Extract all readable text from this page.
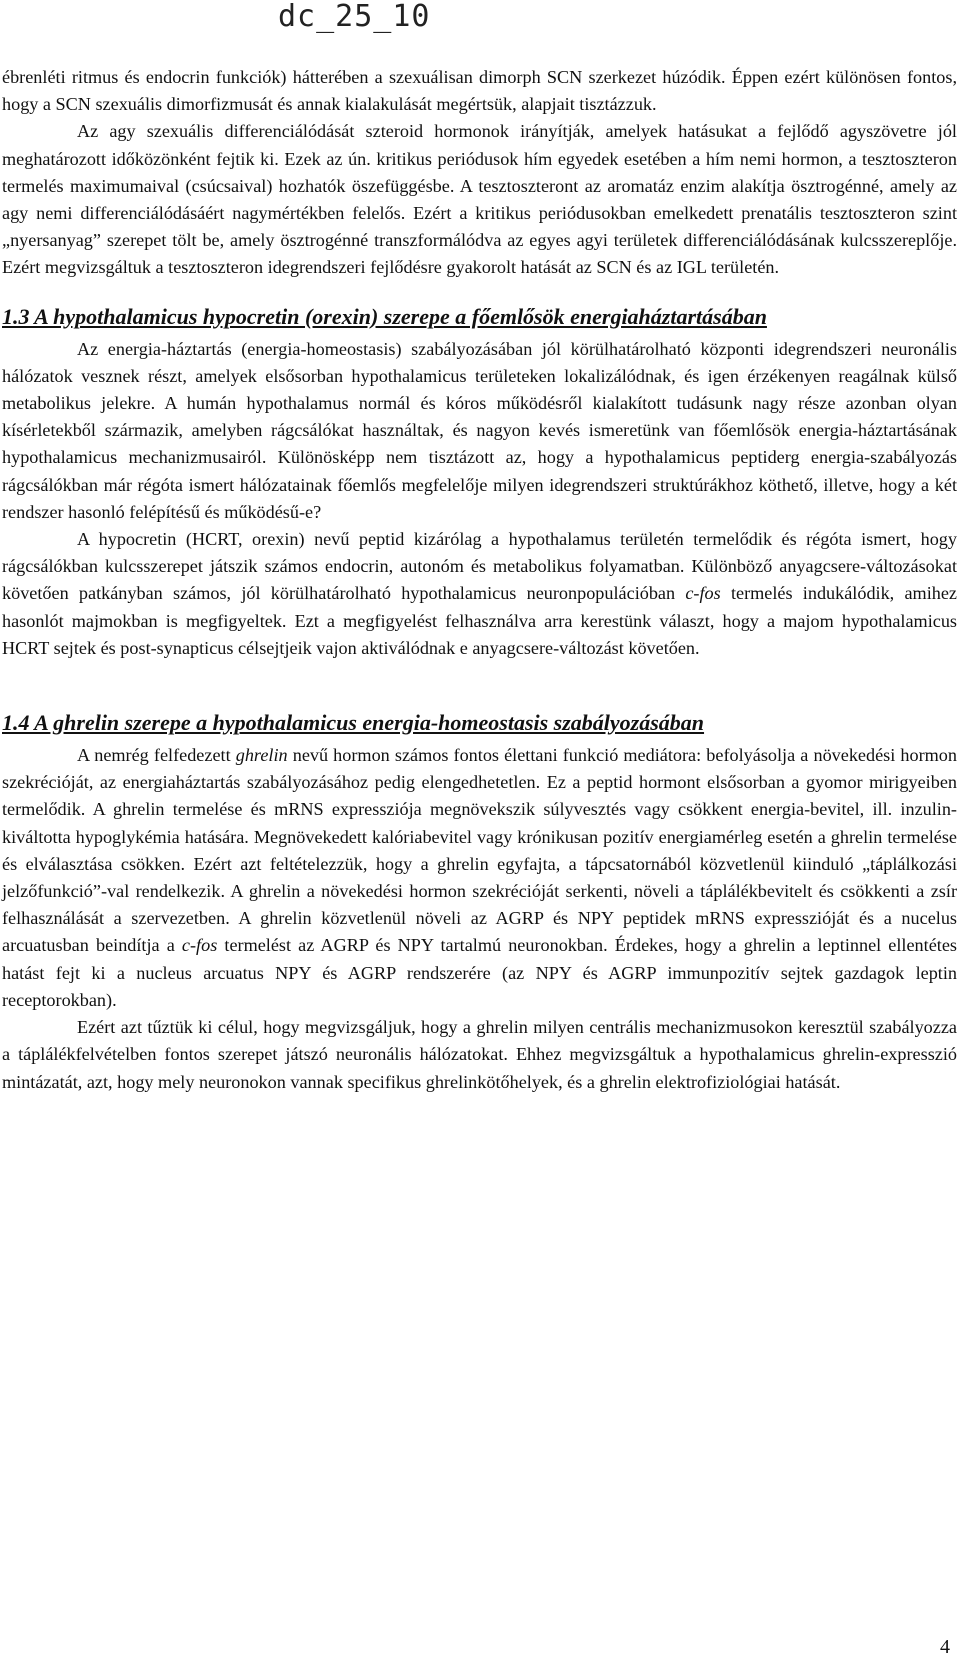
dc_25_10

ébrenléti ritmus és endocrin funkciók) hátterében a szexuálisan dimorph SCN szerkezet húzódik. Éppen ezért különösen fontos, hogy a SCN szexuális dimorfizmusát és annak kialakulását megértsük, alapjait tisztázzuk.

Az agy szexuális differenciálódását szteroid hormonok irányítják, amelyek hatásukat a fejlődő agyszövetre jól meghatározott időközönként fejtik ki. Ezek az ún. kritikus periódusok hím egyedek esetében a hím nemi hormon, a tesztoszteron termelés maximumaival (csúcsaival) hozhatók öszefüggésbe. A tesztoszteront az aromatáz enzim alakítja ösztrogénné, amely az agy nemi differenciálódásáért nagymértékben felelős. Ezért a kritikus periódusokban emelkedett prenatális tesztoszteron szint „nyersanyag” szerepet tölt be, amely ösztrogénné transzformálódva az egyes agyi területek differenciálódásának kulcsszereplője. Ezért megvizsgáltuk a tesztoszteron idegrendszeri fejlődésre gyakorolt hatását az SCN és az IGL területén.

1.3 A hypothalamicus hypocretin (orexin) szerepe a főemlősök energiaháztartásában

Az energia-háztartás (energia-homeostasis) szabályozásában jól körülhatárolható központi idegrendszeri neuronális hálózatok vesznek részt, amelyek elsősorban hypothalamicus területeken lokalizálódnak, és igen érzékenyen reagálnak külső metabolikus jelekre. A humán hypothalamus normál és kóros működésről kialakított tudásunk nagy része azonban olyan kísérletekből származik, amelyben rágcsálókat használtak, és nagyon kevés ismeretünk van főemlősök energia-háztartásának hypothalamicus mechanizmusairól. Különösképp nem tisztázott az, hogy a hypothalamicus peptiderg energia-szabályozás rágcsálókban már régóta ismert hálózatainak főemlős megfelelője milyen idegrendszeri struktúrákhoz köthető, illetve, hogy a két rendszer hasonló felépítésű és működésű-e?

A hypocretin (HCRT, orexin) nevű peptid kizárólag a hypothalamus területén termelődik és régóta ismert, hogy rágcsálókban kulcsszerepet játszik számos endocrin, autonóm és metabolikus folyamatban. Különböző anyagcsere-változásokat követően patkányban számos, jól körülhatárolható hypothalamicus neuronpopulációban c-fos termelés indukálódik, amihez hasonlót majmokban is megfigyeltek. Ezt a megfigyelést felhasználva arra kerestünk választ, hogy a majom hypothalamicus HCRT sejtek és post-synapticus célsejtjeik vajon aktiválódnak e anyagcsere-változást követően.

1.4 A ghrelin szerepe a hypothalamicus energia-homeostasis szabályozásában

A nemrég felfedezett ghrelin nevű hormon számos fontos élettani funkció mediátora: befolyásolja a növekedési hormon szekrécióját, az energiaháztartás szabályozásához pedig elengedhetetlen. Ez a peptid hormont elsősorban a gyomor mirigyeiben termelődik. A ghrelin termelése és mRNS expressziója megnövekszik súlyvesztés vagy csökkent energia-bevitel, ill. inzulin-kiváltotta hypoglykémia hatására. Megnövekedett kalóriabevitel vagy krónikusan pozitív energiamérleg esetén a ghrelin termelése és elválasztása csökken. Ezért azt feltételezzük, hogy a ghrelin egyfajta, a tápcsatornából közvetlenül kiinduló „táplálkozási jelzőfunkció”-val rendelkezik. A ghrelin a növekedési hormon szekrécióját serkenti, növeli a táplálékbevitelt és csökkenti a zsír felhasználását a szervezetben. A ghrelin közvetlenül növeli az AGRP és NPY peptidek mRNS expresszióját és a nucelus arcuatusban beindítja a c-fos termelést az AGRP és NPY tartalmú neuronokban. Érdekes, hogy a ghrelin a leptinnel ellentétes hatást fejt ki a nucleus arcuatus NPY és AGRP rendszerére (az NPY és AGRP immunpozitív sejtek gazdagok leptin receptorokban).

Ezért azt tűztük ki célul, hogy megvizsgáljuk, hogy a ghrelin milyen centrális mechanizmusokon keresztül szabályozza a táplálékfelvételben fontos szerepet játszó neuronális hálózatokat. Ehhez megvizsgáltuk a hypothalamicus ghrelin-expresszió mintázatát, azt, hogy mely neuronokon vannak specifikus ghrelinkötőhelyek, és a ghrelin elektrofiziológiai hatását.

4
